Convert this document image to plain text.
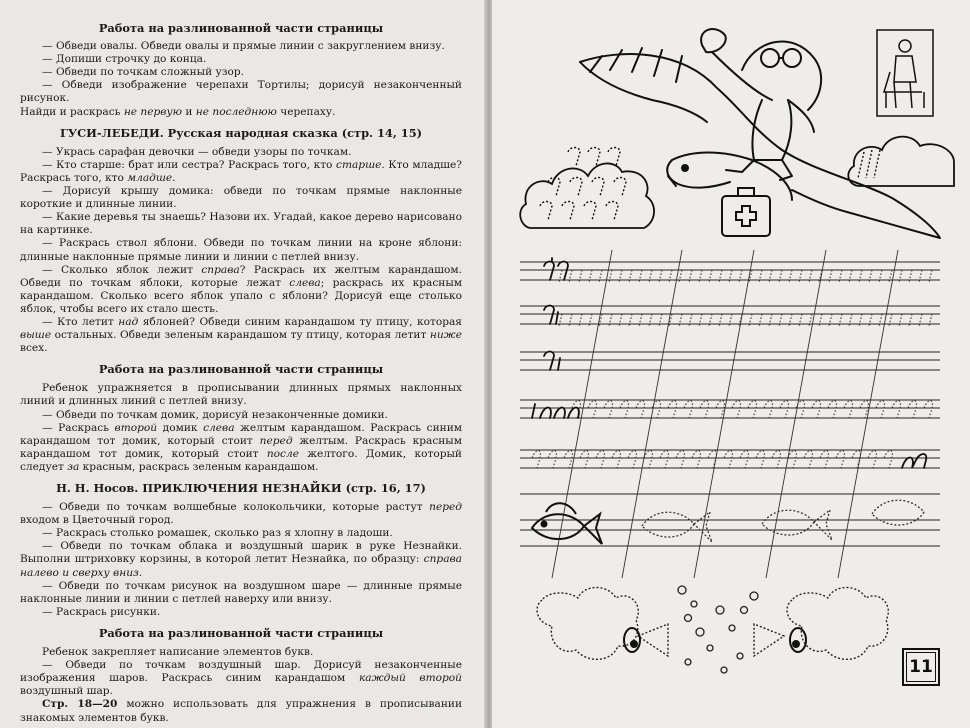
Работа на разлинованной части страницы

— Обведи овалы. Обведи овалы и прямые линии с закруглением внизу.

— Допиши строчку до конца.

— Обведи по точкам сложный узор.

— Обведи изображение черепахи Тортилы; дорисуй незаконченный рисунок.

Найди и раскрась не первую и не последнюю черепаху.

ГУСИ-ЛЕБЕДИ. Русская народная сказка (стр. 14, 15)

— Укрась сарафан девочки — обведи узоры по точкам.

— Кто старше: брат или сестра? Раскрась того, кто старше. Кто младше? Раскрась того, кто младше.

— Дорисуй крышу домика: обведи по точкам прямые наклонные короткие и длинные линии.

— Какие деревья ты знаешь? Назови их. Угадай, какое дерево нарисовано на картинке.

— Раскрась ствол яблони. Обведи по точкам линии на кроне яблони: длинные наклонные прямые линии и линии с петлей внизу.

— Сколько яблок лежит справа? Раскрась их желтым карандашом. Обведи по точкам яблоки, которые лежат слева; раскрась их красным карандашом. Сколько всего яблок упало с яблони? Дорисуй еще столько яблок, чтобы всего их стало шесть.

— Кто летит над яблоней? Обведи синим карандашом ту птицу, которая выше остальных. Обведи зеленым карандашом ту птицу, которая летит ниже всех.

Работа на разлинованной части страницы

Ребенок упражняется в прописывании длинных прямых наклонных линий и длинных линий с петлей внизу.

— Обведи по точкам домик, дорисуй незаконченные домики.

— Раскрась второй домик слева желтым карандашом. Раскрась синим карандашом тот домик, который стоит перед желтым. Раскрась красным карандашом тот домик, который стоит после желтого. Домик, который следует за красным, раскрась зеленым карандашом.

Н. Н. Носов. ПРИКЛЮЧЕНИЯ НЕЗНАЙКИ (стр. 16, 17)

— Обведи по точкам волшебные колокольчики, которые растут перед входом в Цветочный город.

— Раскрась столько ромашек, сколько раз я хлопну в ладоши.

— Обведи по точкам облака и воздушный шарик в руке Незнайки. Выполни штриховку корзины, в которой летит Незнайка, по образцу: справа налево и сверху вниз.

— Обведи по точкам рисунок на воздушном шаре — длинные прямые наклонные линии и линии с петлей наверху или внизу.

— Раскрась рисунки.

Работа на разлинованной части страницы

Ребенок закрепляет написание элементов букв.

— Обведи по точкам воздушный шар. Дорисуй незаконченные изображения шаров. Раскрась синим карандашом каждый второй воздушный шар.

Стр. 18—20 можно использовать для упражнения в прописывании знакомых элементов букв.

11
